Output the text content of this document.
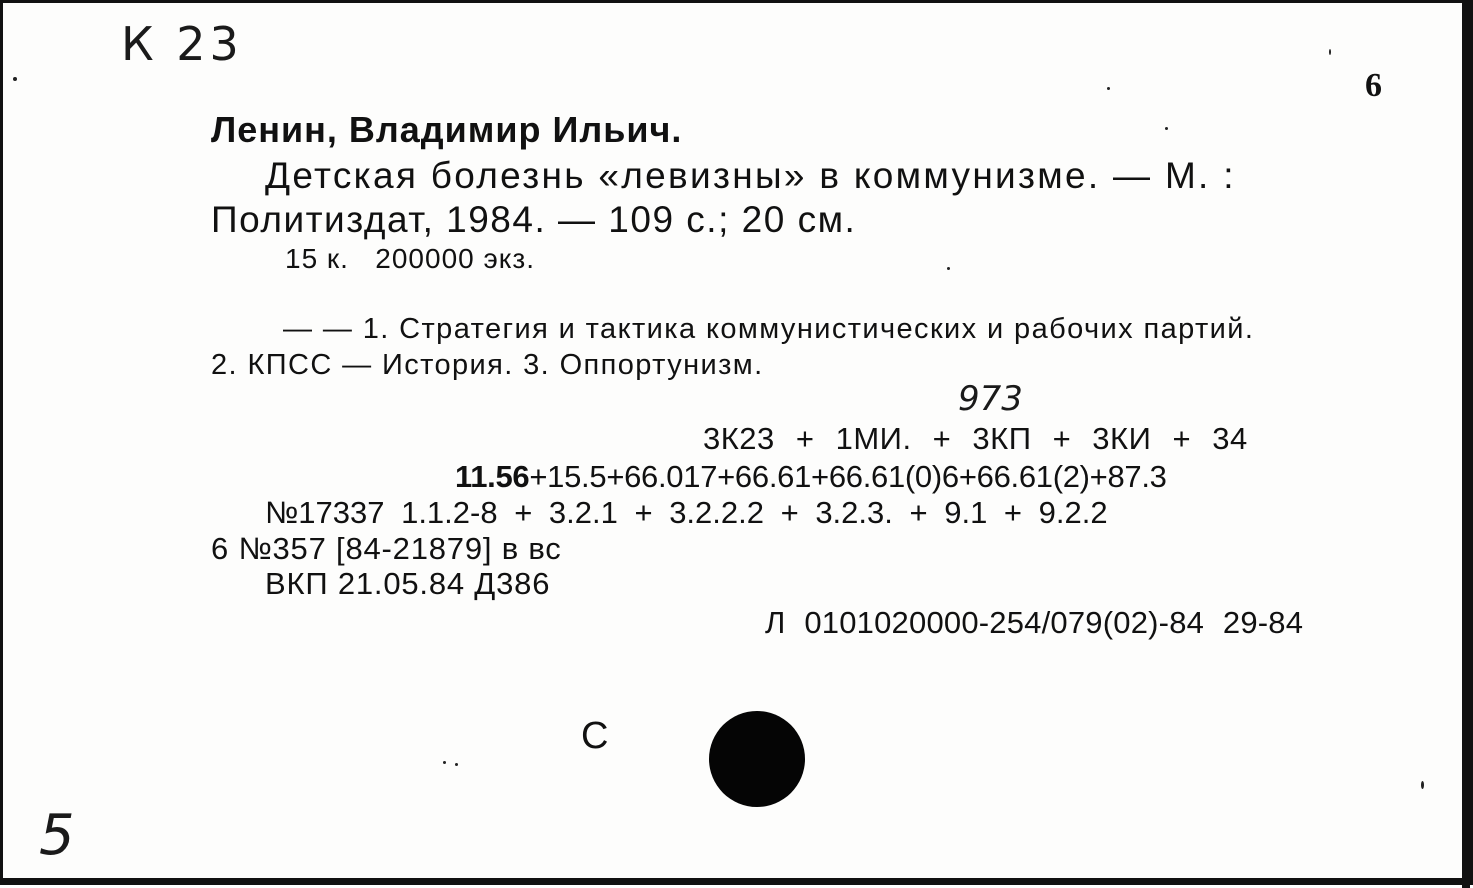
К 23
6
Ленин, Владимир Ильич.
Детская болезнь «левизны» в коммунизме. — М. :
Политиздат, 1984. — 109 с.; 20 см.
15 к.   200000 экз.
— — 1. Стратегия и тактика коммунистических и рабочих партий.
2. КПСС — История. 3. Оппортунизм.
973
3К23 + 1МИ. + 3КП + 3КИ + 34
11.56+15.5+66.017+66.61+66.61(0)6+66.61(2)+87.3
№17337 1.1.2-8 + 3.2.1 + 3.2.2.2 + 3.2.3. + 9.1 + 9.2.2
6 №357 [84-21879] в вс
ВКП 21.05.84 Д386
Л 0101020000-254/079(02)-84 29-84
С
5
